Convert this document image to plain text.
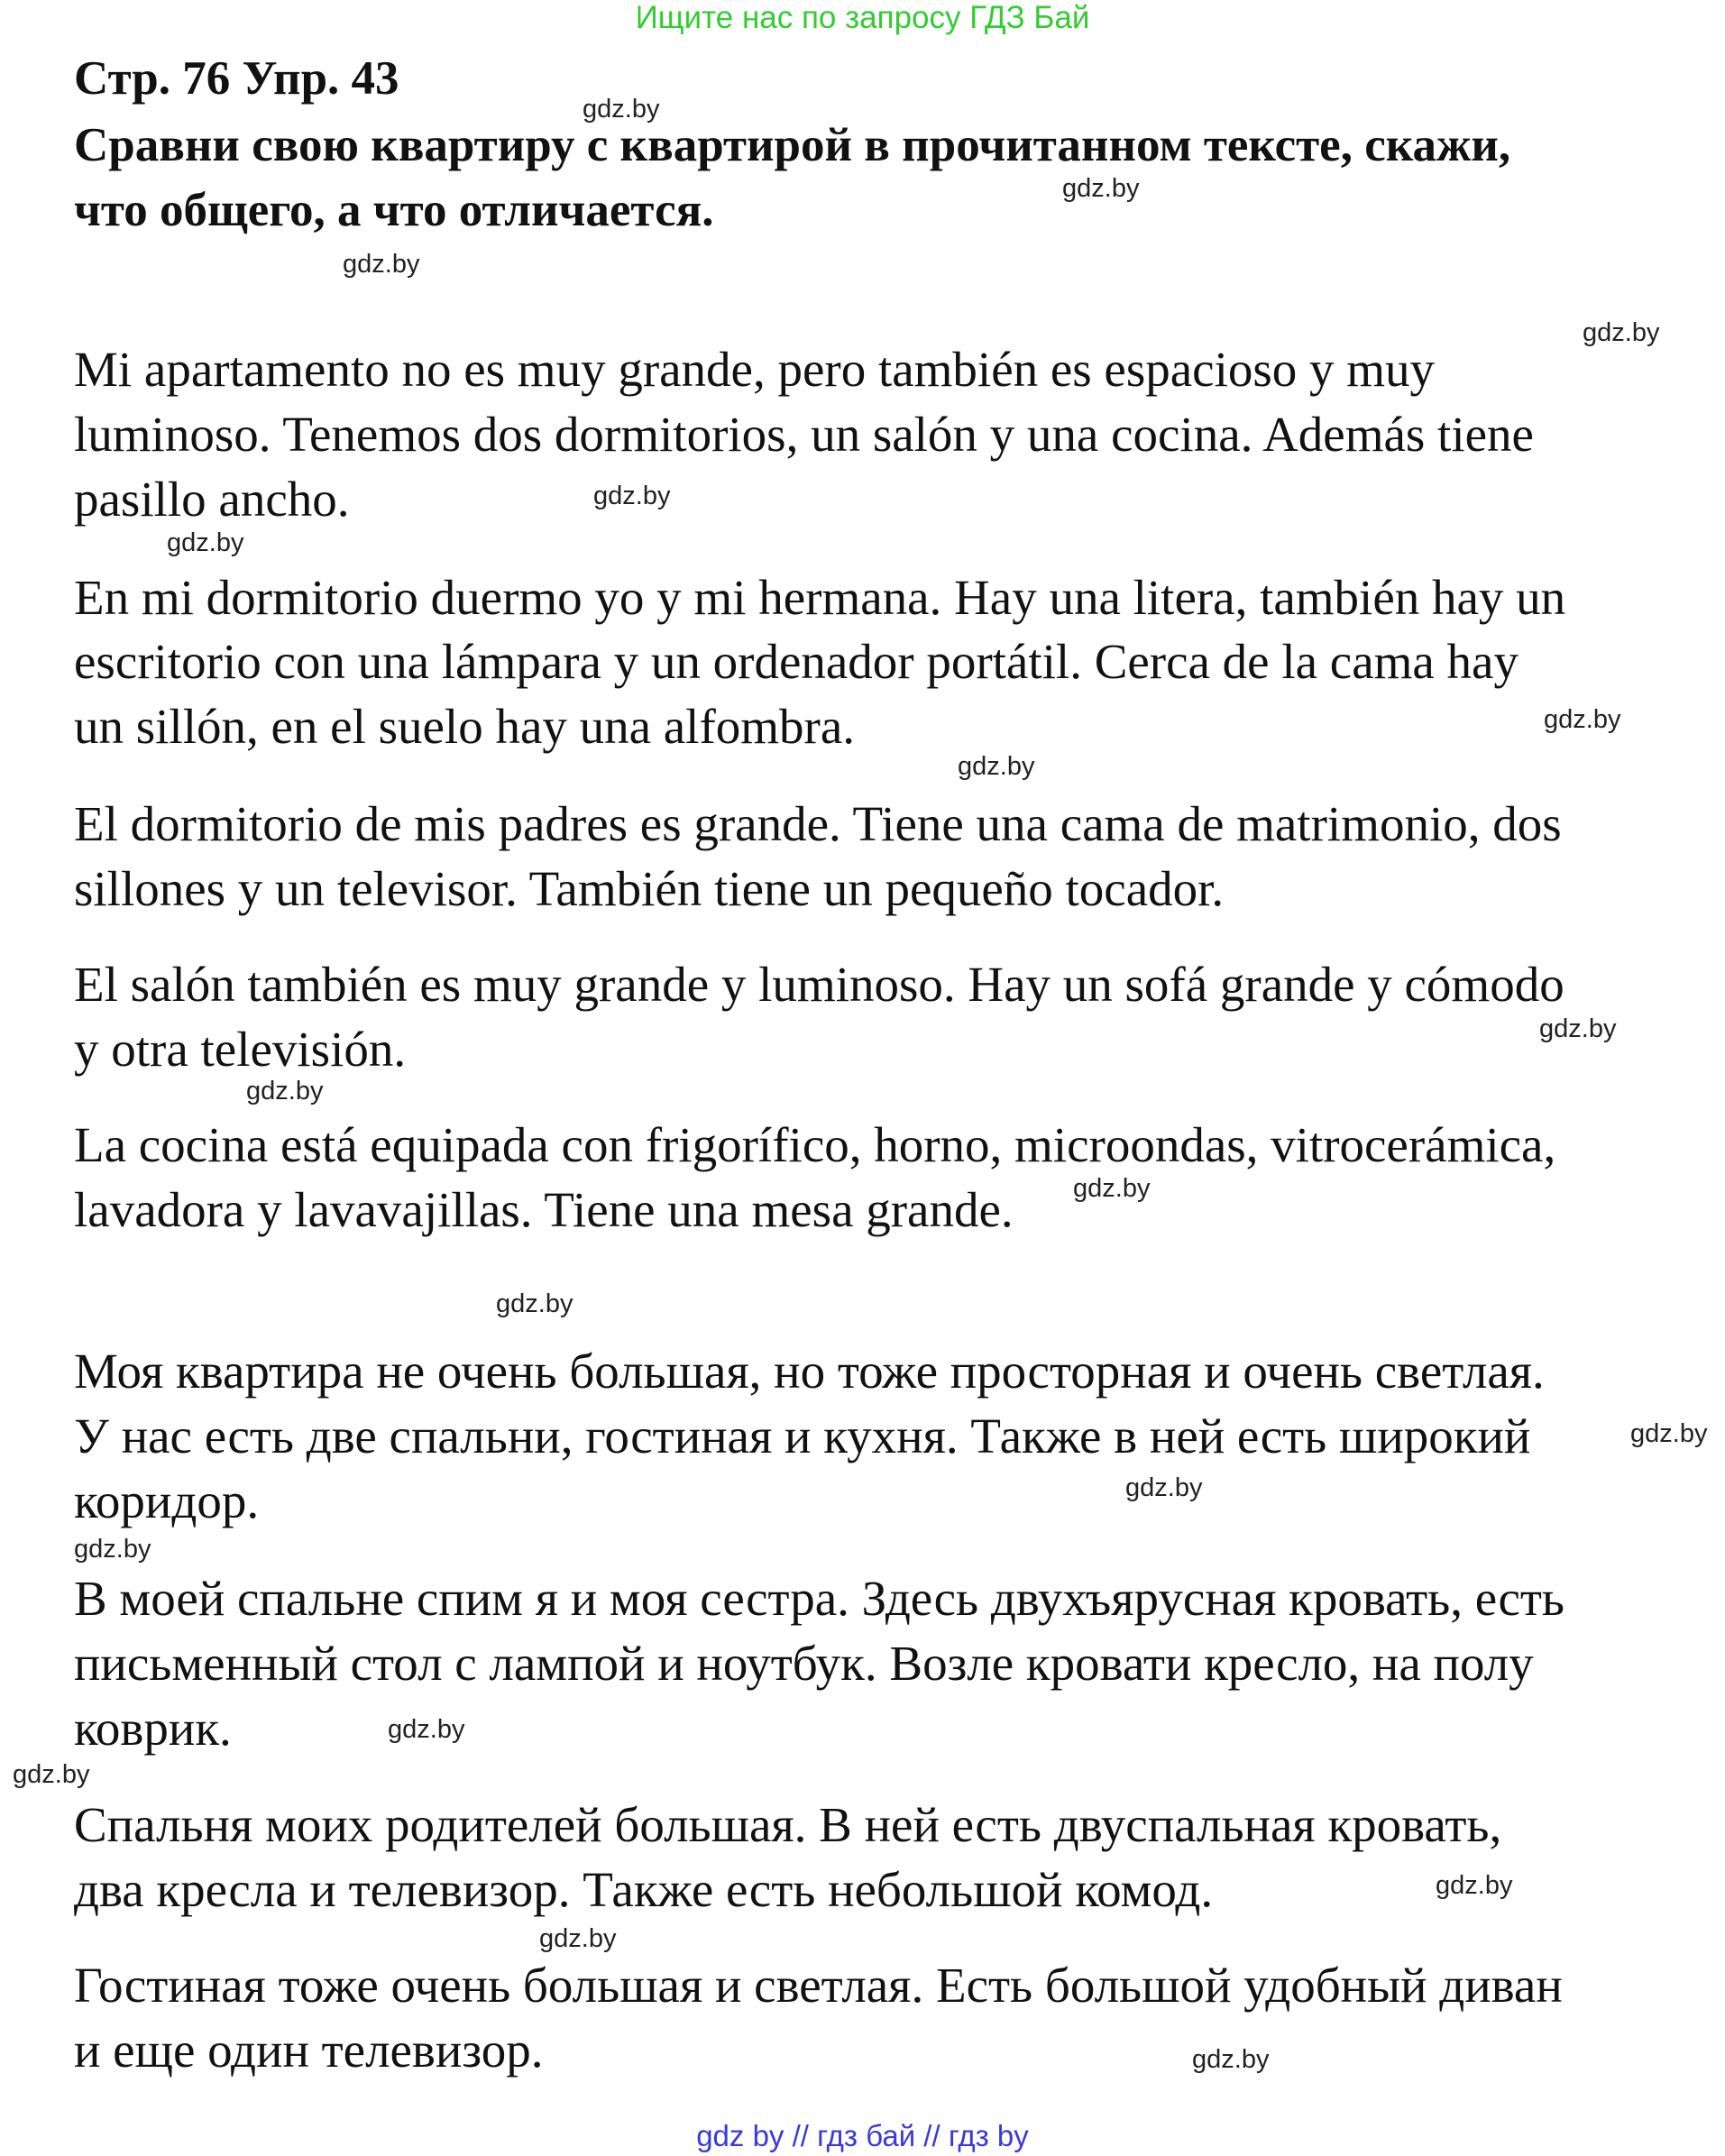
Ищите нас по запросу ГДЗ Бай
Стр. 76 Упр. 43
Сравни свою квартиру с квартирой в прочитанном тексте, скажи,
что общего, а что отличается.
Mi apartamento no es muy grande, pero también es espacioso y muy
luminoso. Tenemos dos dormitorios, un salón y una cocina. Además tiene
pasillo ancho.
En mi dormitorio duermo yo y mi hermana. Hay una litera, también hay un
escritorio con una lámpara y un ordenador portátil. Cerca de la cama hay
un sillón, en el suelo hay una alfombra.
El dormitorio de mis padres es grande. Tiene una cama de matrimonio, dos
sillones y un televisor. También tiene un pequeño tocador.
El salón también es muy grande y luminoso. Hay un sofá grande y cómodo
y otra televisión.
La cocina está equipada con frigorífico, horno, microondas, vitrocerámica,
lavadora y lavavajillas. Tiene una mesa grande.
Моя квартира не очень большая, но тоже просторная и очень светлая.
У нас есть две спальни, гостиная и кухня. Также в ней есть широкий
коридор.
В моей спальне спим я и моя сестра. Здесь двухъярусная кровать, есть
письменный стол с лампой и ноутбук. Возле кровати кресло, на полу
коврик.
Спальня моих родителей большая. В ней есть двуспальная кровать,
два кресла и телевизор. Также есть небольшой комод.
Гостиная тоже очень большая и светлая. Есть большой удобный диван
и еще один телевизор.
gdz.by
gdz.by
gdz.by
gdz.by
gdz.by
gdz.by
gdz.by
gdz.by
gdz.by
gdz.by
gdz.by
gdz.by
gdz.by
gdz.by
gdz.by
gdz.by
gdz.by
gdz.by
gdz.by
gdz.by
gdz by // гдз бай // гдз by
